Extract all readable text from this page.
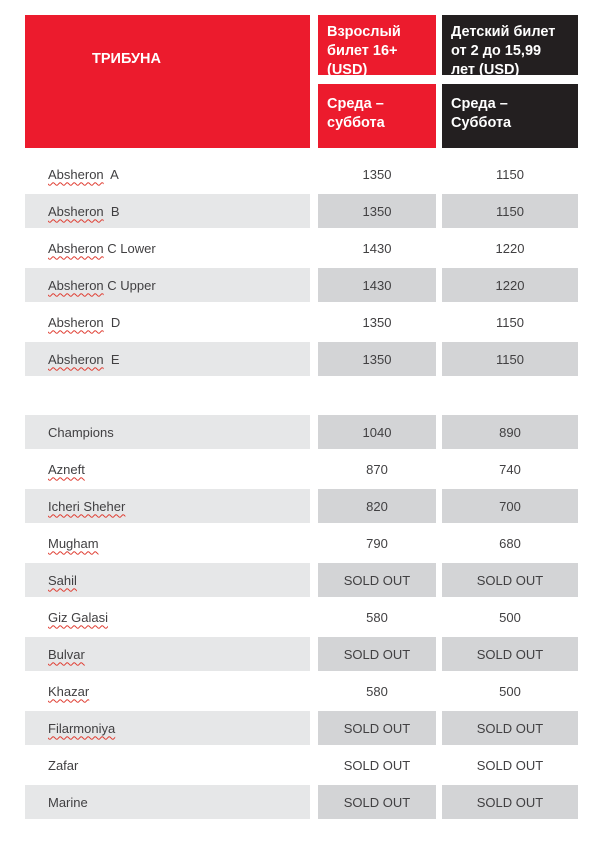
ТРИБУНА
Взрослый билет 16+ (USD)
Среда – суббота
Детский билет от 2 до 15,99 лет (USD)
Среда – Суббота
Absheron A	1350	1150
Absheron B	1350	1150
Absheron C Lower	1430	1220
Absheron C Upper	1430	1220
Absheron D	1350	1150
Absheron E	1350	1150
Champions	1040	890
Azneft	870	740
Icheri Sheher	820	700
Mugham	790	680
Sahil	SOLD OUT	SOLD OUT
Giz Galasi	580	500
Bulvar	SOLD OUT	SOLD OUT
Khazar	580	500
Filarmoniya	SOLD OUT	SOLD OUT
Zafar	SOLD OUT	SOLD OUT
Marine	SOLD OUT	SOLD OUT
